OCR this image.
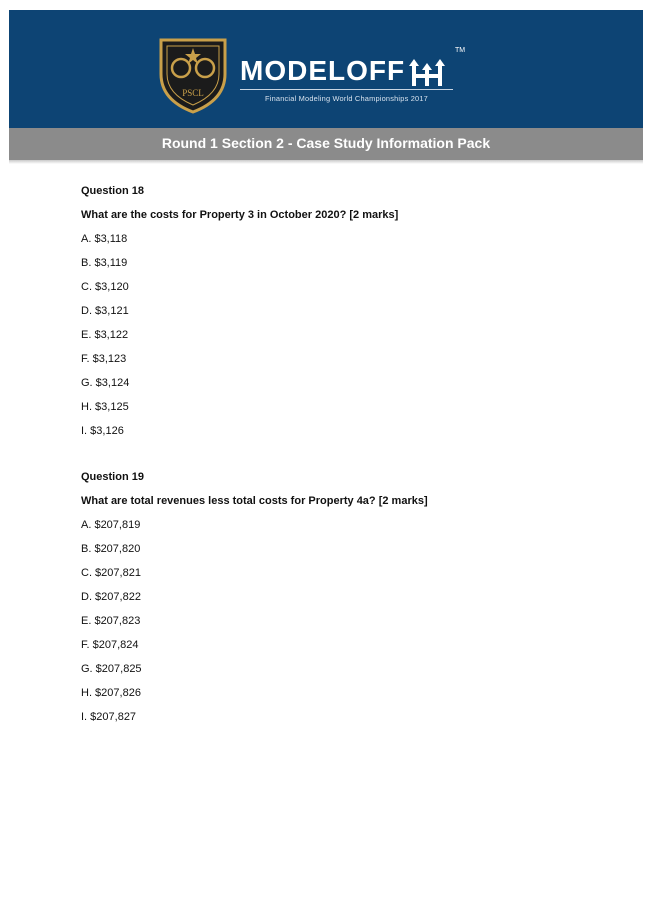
PSCL
MODELOFF
TM
Financial Modeling World Championships 2017
Round 1 Section 2 - Case Study Information Pack
Question 18
What are the costs for Property 3 in October 2020? [2 marks]
A. $3,118
B. $3,119
C. $3,120
D. $3,121
E. $3,122
F. $3,123
G. $3,124
H. $3,125
I. $3,126
Question 19
What are total revenues less total costs for Property 4a? [2 marks]
A. $207,819
B. $207,820
C. $207,821
D. $207,822
E. $207,823
F. $207,824
G. $207,825
H. $207,826
I. $207,827
